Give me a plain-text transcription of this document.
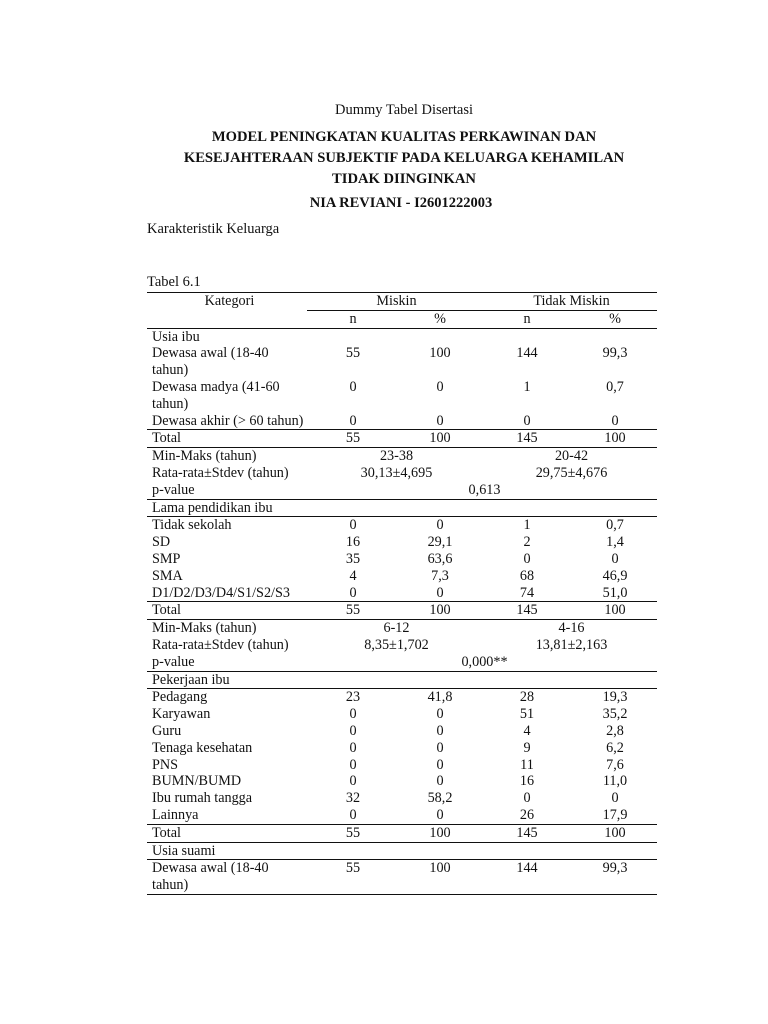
Dummy Tabel Disertasi
MODEL PENINGKATAN KUALITAS PERKAWINAN DAN
KESEJAHTERAAN SUBJEKTIF PADA KELUARGA KEHAMILAN
TIDAK DIINGINKAN
NIA REVIANI - I2601222003
Karakteristik Keluarga
Tabel 6.1
Kategori	Miskin		Tidak Miskin	
	n	%	n	%
Usia ibu				
Dewasa awal (18-40 tahun)	55	100	144	99,3
Dewasa madya (41-60 tahun)	0	0	1	0,7
Dewasa akhir (> 60 tahun)	0	0	0	0
Total	55	100	145	100
Min-Maks (tahun)	23-38		20-42	
Rata-rata±Stdev (tahun)	30,13±4,695		29,75±4,676	
p-value	0,613			
Lama pendidikan ibu				
Tidak sekolah	0	0	1	0,7
SD	16	29,1	2	1,4
SMP	35	63,6	0	0
SMA	4	7,3	68	46,9
D1/D2/D3/D4/S1/S2/S3	0	0	74	51,0
Total	55	100	145	100
Min-Maks (tahun)	6-12		4-16	
Rata-rata±Stdev (tahun)	8,35±1,702		13,81±2,163	
p-value	0,000**			
Pekerjaan ibu				
Pedagang	23	41,8	28	19,3
Karyawan	0	0	51	35,2
Guru	0	0	4	2,8
Tenaga kesehatan	0	0	9	6,2
PNS	0	0	11	7,6
BUMN/BUMD	0	0	16	11,0
Ibu rumah tangga	32	58,2	0	0
Lainnya	0	0	26	17,9
Total	55	100	145	100
Usia suami				
Dewasa awal (18-40 tahun)	55	100	144	99,3
